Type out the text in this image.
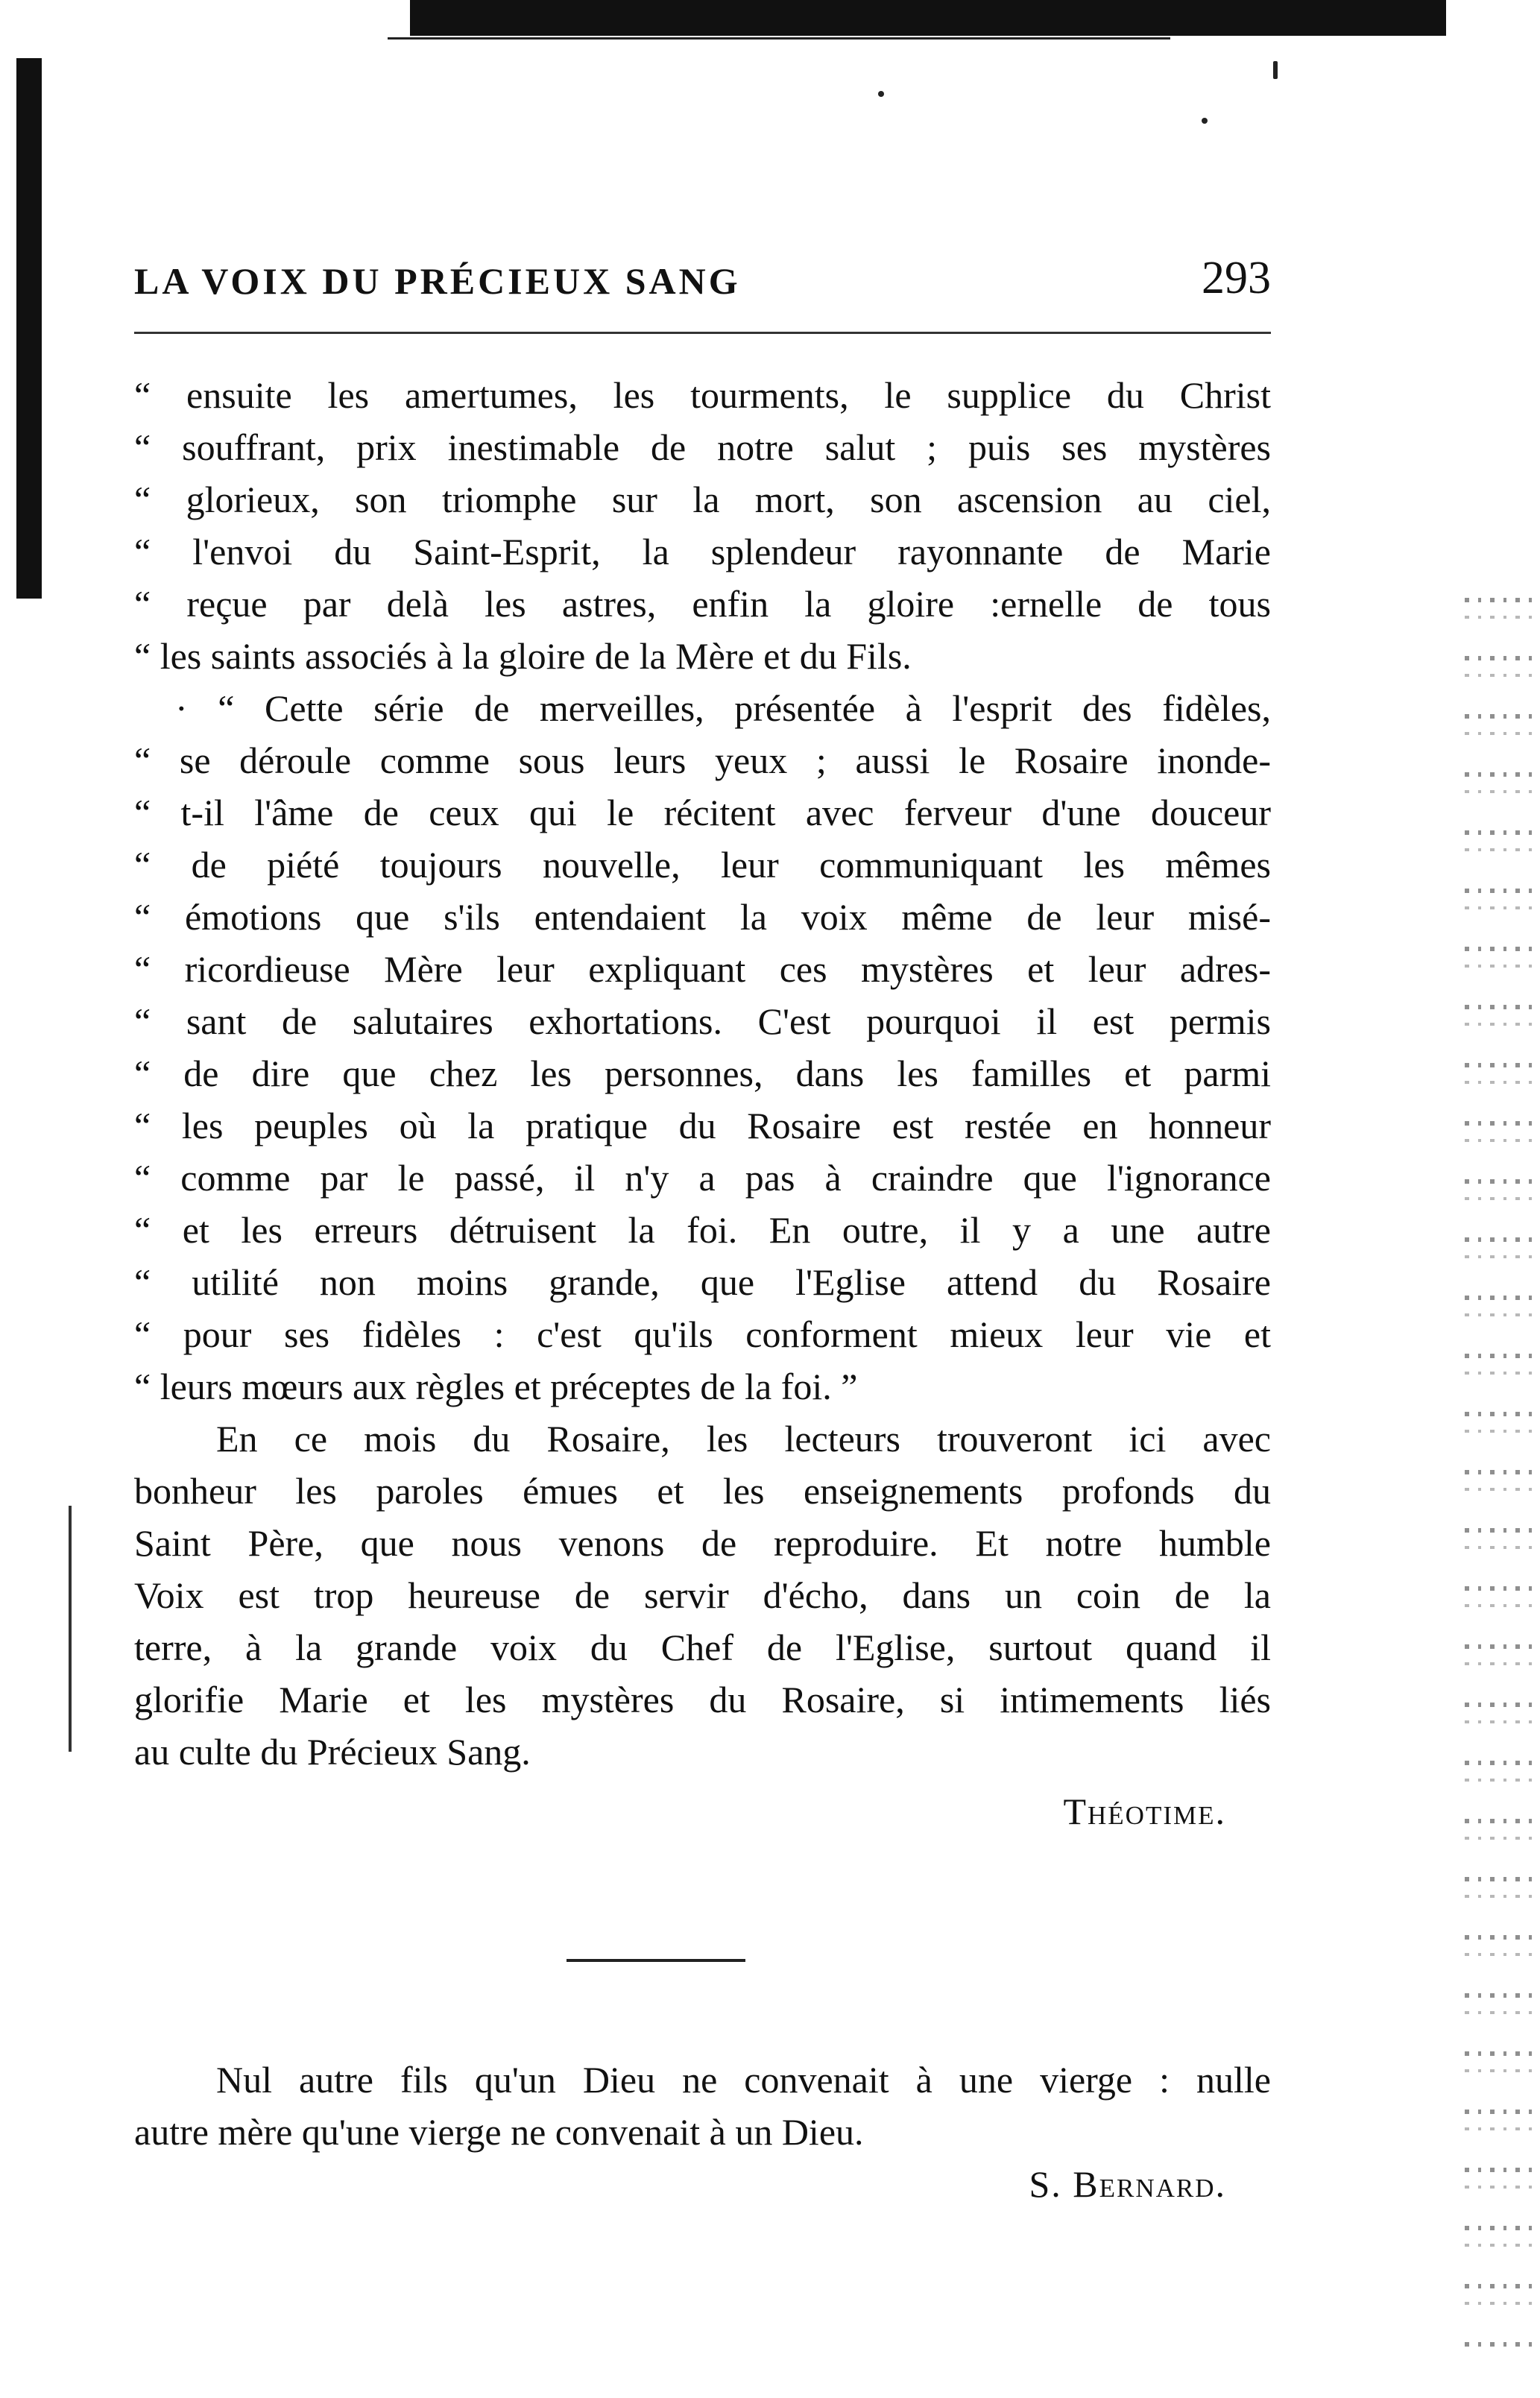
LA VOIX DU PRÉCIEUX SANG	293
“ ensuite les amertumes, les tourments, le supplice du Christ
“ souffrant, prix inestimable de notre salut ; puis ses mystères
“ glorieux, son triomphe sur la mort, son ascension au ciel,
“ l'envoi du Saint-Esprit, la splendeur rayonnante de Marie
“ reçue par delà les astres, enfin la gloire :ernelle de tous
“ les saints associés à la gloire de la Mère et du Fils.
· “ Cette série de merveilles, présentée à l'esprit des fidèles,
“ se déroule comme sous leurs yeux ; aussi le Rosaire inonde-
“ t-il l'âme de ceux qui le récitent avec ferveur d'une douceur
“ de piété toujours nouvelle, leur communiquant les mêmes
“ émotions que s'ils entendaient la voix même de leur misé-
“ ricordieuse Mère leur expliquant ces mystères et leur adres-
“ sant de salutaires exhortations. C'est pourquoi il est permis
“ de dire que chez les personnes, dans les familles et parmi
“ les peuples où la pratique du Rosaire est restée en honneur
“ comme par le passé, il n'y a pas à craindre que l'ignorance
“ et les erreurs détruisent la foi. En outre, il y a une autre
“ utilité non moins grande, que l'Eglise attend du Rosaire
“ pour ses fidèles : c'est qu'ils conforment mieux leur vie et
“ leurs mœurs aux règles et préceptes de la foi. ”
En ce mois du Rosaire, les lecteurs trouveront ici avec
bonheur les paroles émues et les enseignements profonds du
Saint Père, que nous venons de reproduire. Et notre humble
Voix est trop heureuse de servir d'écho, dans un coin de la
terre, à la grande voix du Chef de l'Eglise, surtout quand il
glorifie Marie et les mystères du Rosaire, si intimements liés
au culte du Précieux Sang.
Théotime.
Nul autre fils qu'un Dieu ne convenait à une vierge : nulle
autre mère qu'une vierge ne convenait à un Dieu.
S. Bernard.
